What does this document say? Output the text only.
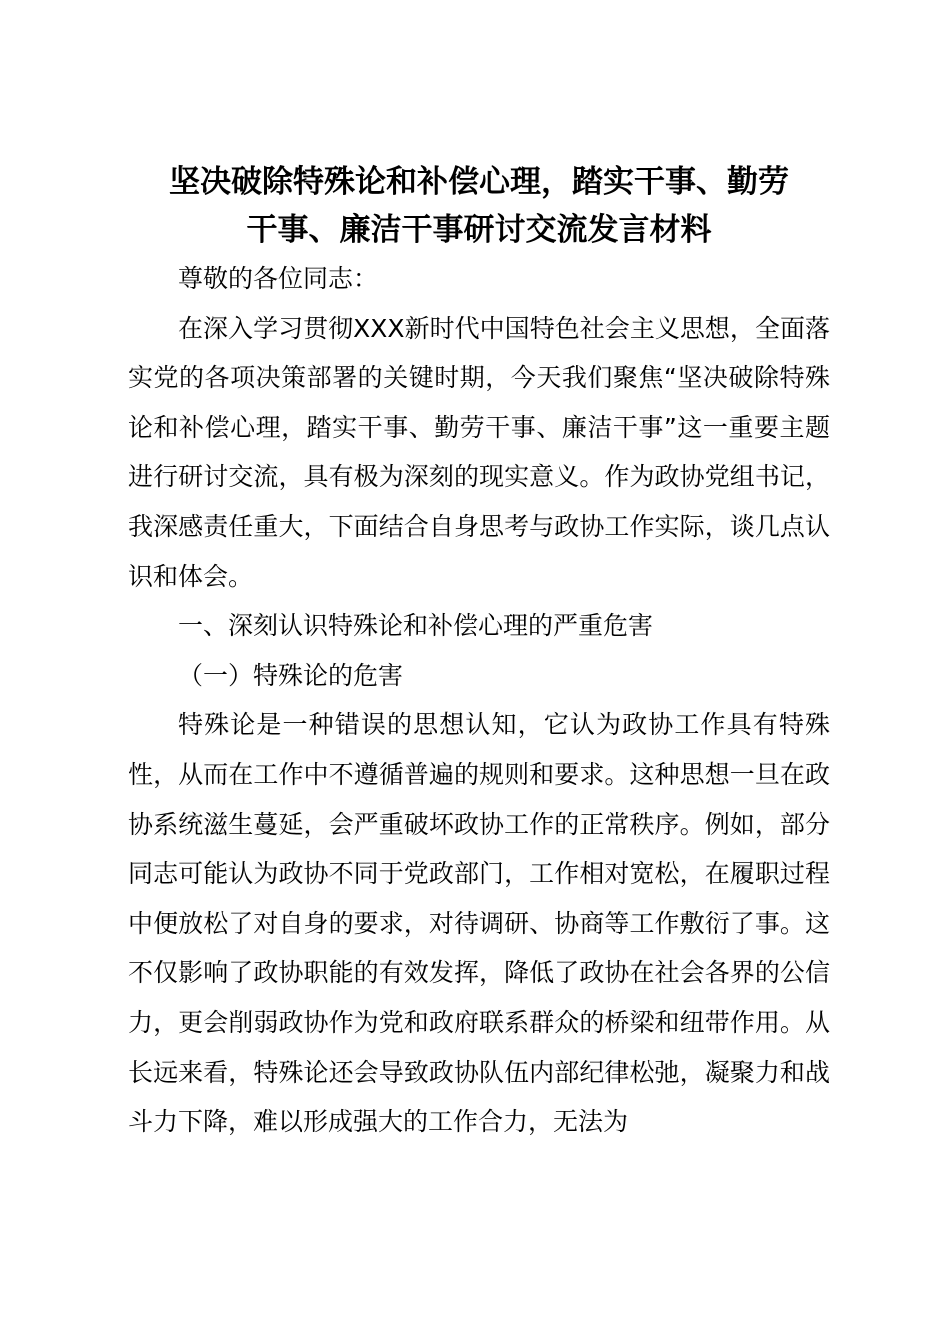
坚决破除特殊论和补偿心理，踏实干事、勤劳
干事、廉洁干事研讨交流发言材料

尊敬的各位同志：

在深入学习贯彻XXX新时代中国特色社会主义思想，全面落实党的各项决策部署的关键时期，今天我们聚焦“坚决破除特殊论和补偿心理，踏实干事、勤劳干事、廉洁干事”这一重要主题进行研讨交流，具有极为深刻的现实意义。作为政协党组书记，我深感责任重大，下面结合自身思考与政协工作实际，谈几点认识和体会。

一、深刻认识特殊论和补偿心理的严重危害

（一）特殊论的危害

特殊论是一种错误的思想认知，它认为政协工作具有特殊性，从而在工作中不遵循普遍的规则和要求。这种思想一旦在政协系统滋生蔓延，会严重破坏政协工作的正常秩序。例如，部分同志可能认为政协不同于党政部门，工作相对宽松，在履职过程中便放松了对自身的要求，对待调研、协商等工作敷衍了事。这不仅影响了政协职能的有效发挥，降低了政协在社会各界的公信力，更会削弱政协作为党和政府联系群众的桥梁和纽带作用。从长远来看，特殊论还会导致政协队伍内部纪律松弛，凝聚力和战斗力下降，难以形成强大的工作合力，无法为
